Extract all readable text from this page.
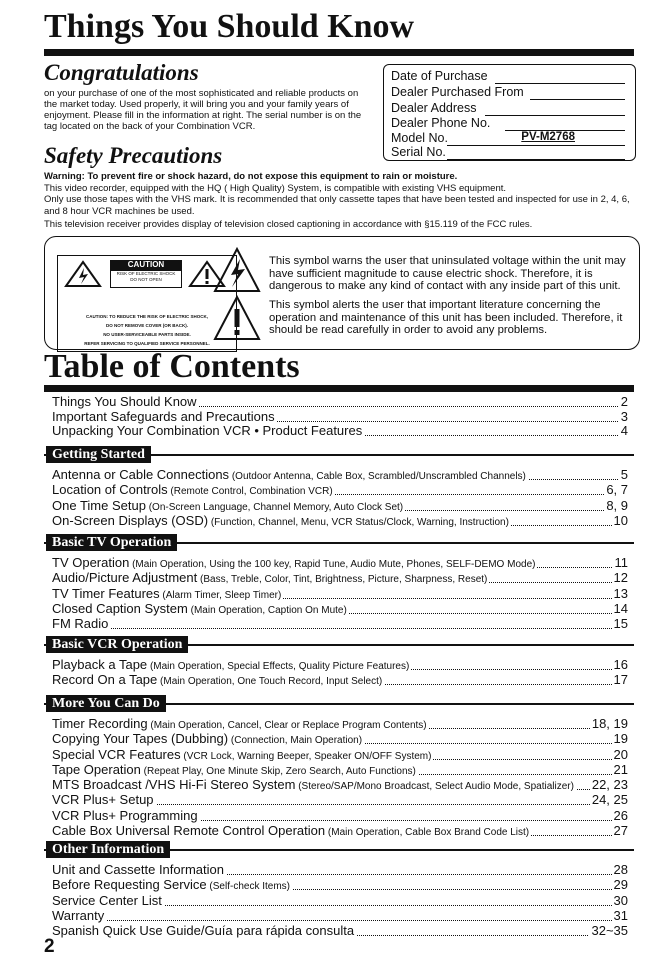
Things You Should Know
Congratulations
on your purchase of one of the most sophisticated and reliable products on the market today. Used properly, it will bring you and your family years of enjoyment. Please fill in the information at right. The serial number is on the tag located on the back of your Combination VCR.
Safety Precautions
Date of Purchase
Dealer Purchased From
Dealer Address
Dealer Phone No.
Model No.	PV-M2768
Serial No.
Warning: To prevent fire or shock hazard, do not expose this equipment to rain or moisture.
This video recorder, equipped with the HQ ( High Quality) System, is compatible with existing VHS equipment.
Only use those tapes with the VHS mark. It is recommended that only cassette tapes that have been tested and inspected for use in 2, 4, 6, and 8 hour VCR machines be used.
This television receiver provides display of television closed captioning in accordance with §15.119 of the FCC rules.
CAUTION
RISK OF ELECTRIC SHOCK
DO NOT OPEN
CAUTION: TO REDUCE THE RISK OF ELECTRIC SHOCK,
DO NOT REMOVE COVER (OR BACK).
NO USER-SERVICEABLE PARTS INSIDE.
REFER SERVICING TO QUALIFIED SERVICE PERSONNEL.
This symbol warns the user that uninsulated voltage within the unit may have sufficient magnitude to cause electric shock. Therefore, it is dangerous to make any kind of contact with any inside part of this unit.
This symbol alerts the user that important literature concerning the operation and maintenance of this unit has been included. Therefore, it should be read carefully in order to avoid any problems.
Table of Contents
Things You Should Know	2
Important Safeguards and Precautions	3
Unpacking Your Combination VCR • Product Features	4
Getting Started
Antenna or Cable Connections (Outdoor Antenna, Cable Box, Scrambled/Unscrambled Channels)	5
Location of Controls (Remote Control, Combination VCR)	6, 7
One Time Setup (On-Screen Language, Channel Memory, Auto Clock Set)	8, 9
On-Screen Displays (OSD) (Function, Channel, Menu, VCR Status/Clock, Warning, Instruction)	10
Basic TV Operation
TV Operation (Main Operation, Using the 100 key, Rapid Tune, Audio Mute, Phones, SELF-DEMO Mode)	11
Audio/Picture Adjustment (Bass, Treble, Color, Tint, Brightness, Picture, Sharpness, Reset)	12
TV Timer Features (Alarm Timer, Sleep Timer)	13
Closed Caption System (Main Operation, Caption On Mute)	14
FM Radio	15
Basic VCR Operation
Playback a Tape (Main Operation, Special Effects, Quality Picture Features)	16
Record On a Tape (Main Operation, One Touch Record, Input Select)	17
More You Can Do
Timer Recording (Main Operation, Cancel, Clear or Replace Program Contents)	18, 19
Copying Your Tapes (Dubbing) (Connection, Main Operation)	19
Special VCR Features (VCR Lock, Warning Beeper, Speaker ON/OFF System)	20
Tape Operation (Repeat Play, One Minute Skip, Zero Search, Auto Functions)	21
MTS Broadcast /VHS Hi-Fi Stereo System (Stereo/SAP/Mono Broadcast, Select Audio Mode, Spatializer) 22, 23
VCR Plus+ Setup	24, 25
VCR Plus+ Programming	26
Cable Box Universal Remote Control Operation (Main Operation, Cable Box Brand Code List)	27
Other Information
Unit and Cassette Information	28
Before Requesting Service (Self-check Items)	29
Service Center List	30
Warranty	31
Spanish Quick Use Guide/Guía para rápida consulta	32~35
2
